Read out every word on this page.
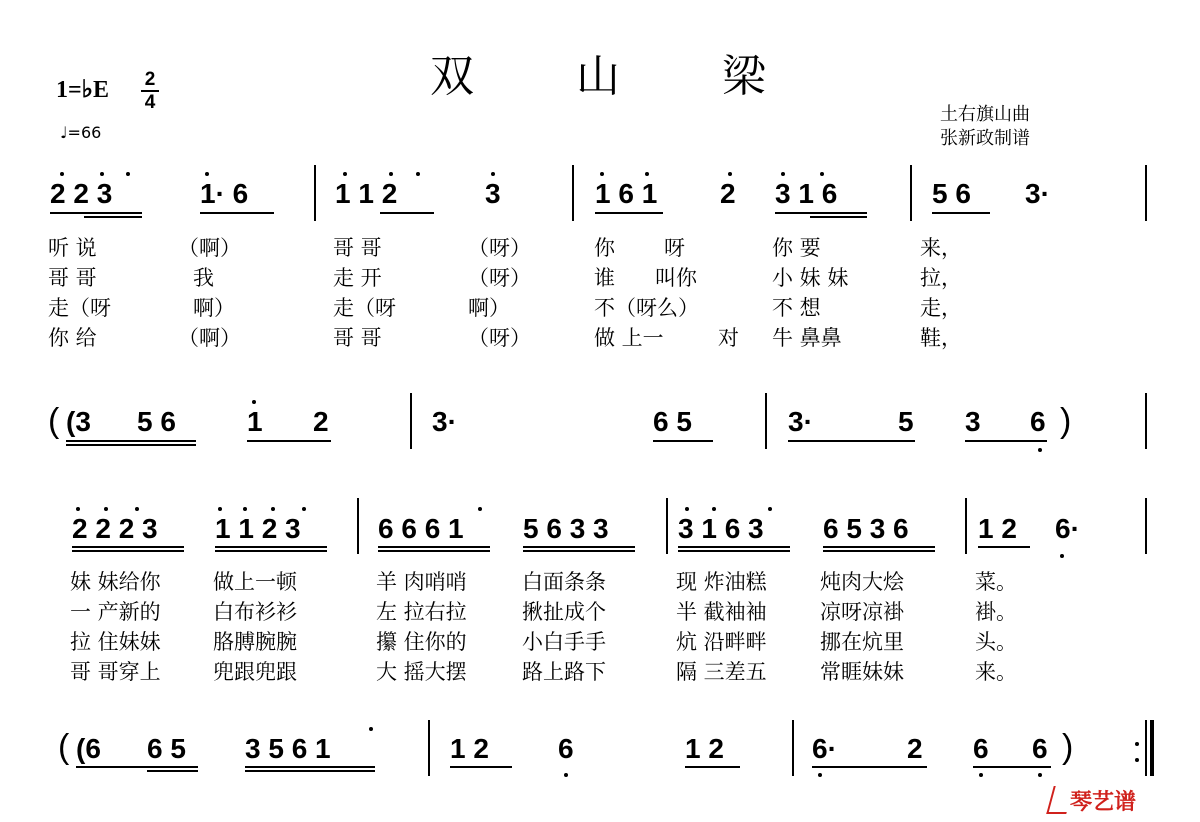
双 山 梁
1=♭E 2
4
♩=66
土右旗山曲
张新政制谱
2 2 3	1· 6	1 1 2	3	1 6 1 2 3 1 6	5 6 3·
听 说	（啊）	哥 哥	（呀）	你 呀	你 要	来，
哥 哥	我	走 开	（呀）	谁 叫你	小 妹 妹	拉，
走（呀	啊）	走（呀	啊）	不（呀么）	不 想	走，
你 给	（啊）	哥 哥	（呀）	做 上一	对 牛 鼻鼻	鞋，
( (3 5 6	1 2	3·	6 5	3·	5 3 6 )
2 2 2 3 1 1 2 3	6 6 6 1 5 6 3 3 3 1 6 3 6 5 3 6 1 2 6·
妹 妹给你 做上一顿	羊 肉哨哨	白面条条	现 炸油糕	炖肉大烩	菜。
一 产新的 白布衫衫	左 拉右拉	揪扯成个	半 截袖袖	凉呀凉褂	褂。
拉 住妹妹 胳膊腕腕	攥 住你的	小白手手	炕 沿畔畔	挪在炕里	头。
哥 哥穿上 兜跟兜跟	大 摇大摆	路上路下	隔 三差五	常睚妹妹	来。
( (6 6 5 3 5 6 1	1 2 6	1 2	6·	2 6 6 )
琴艺谱
